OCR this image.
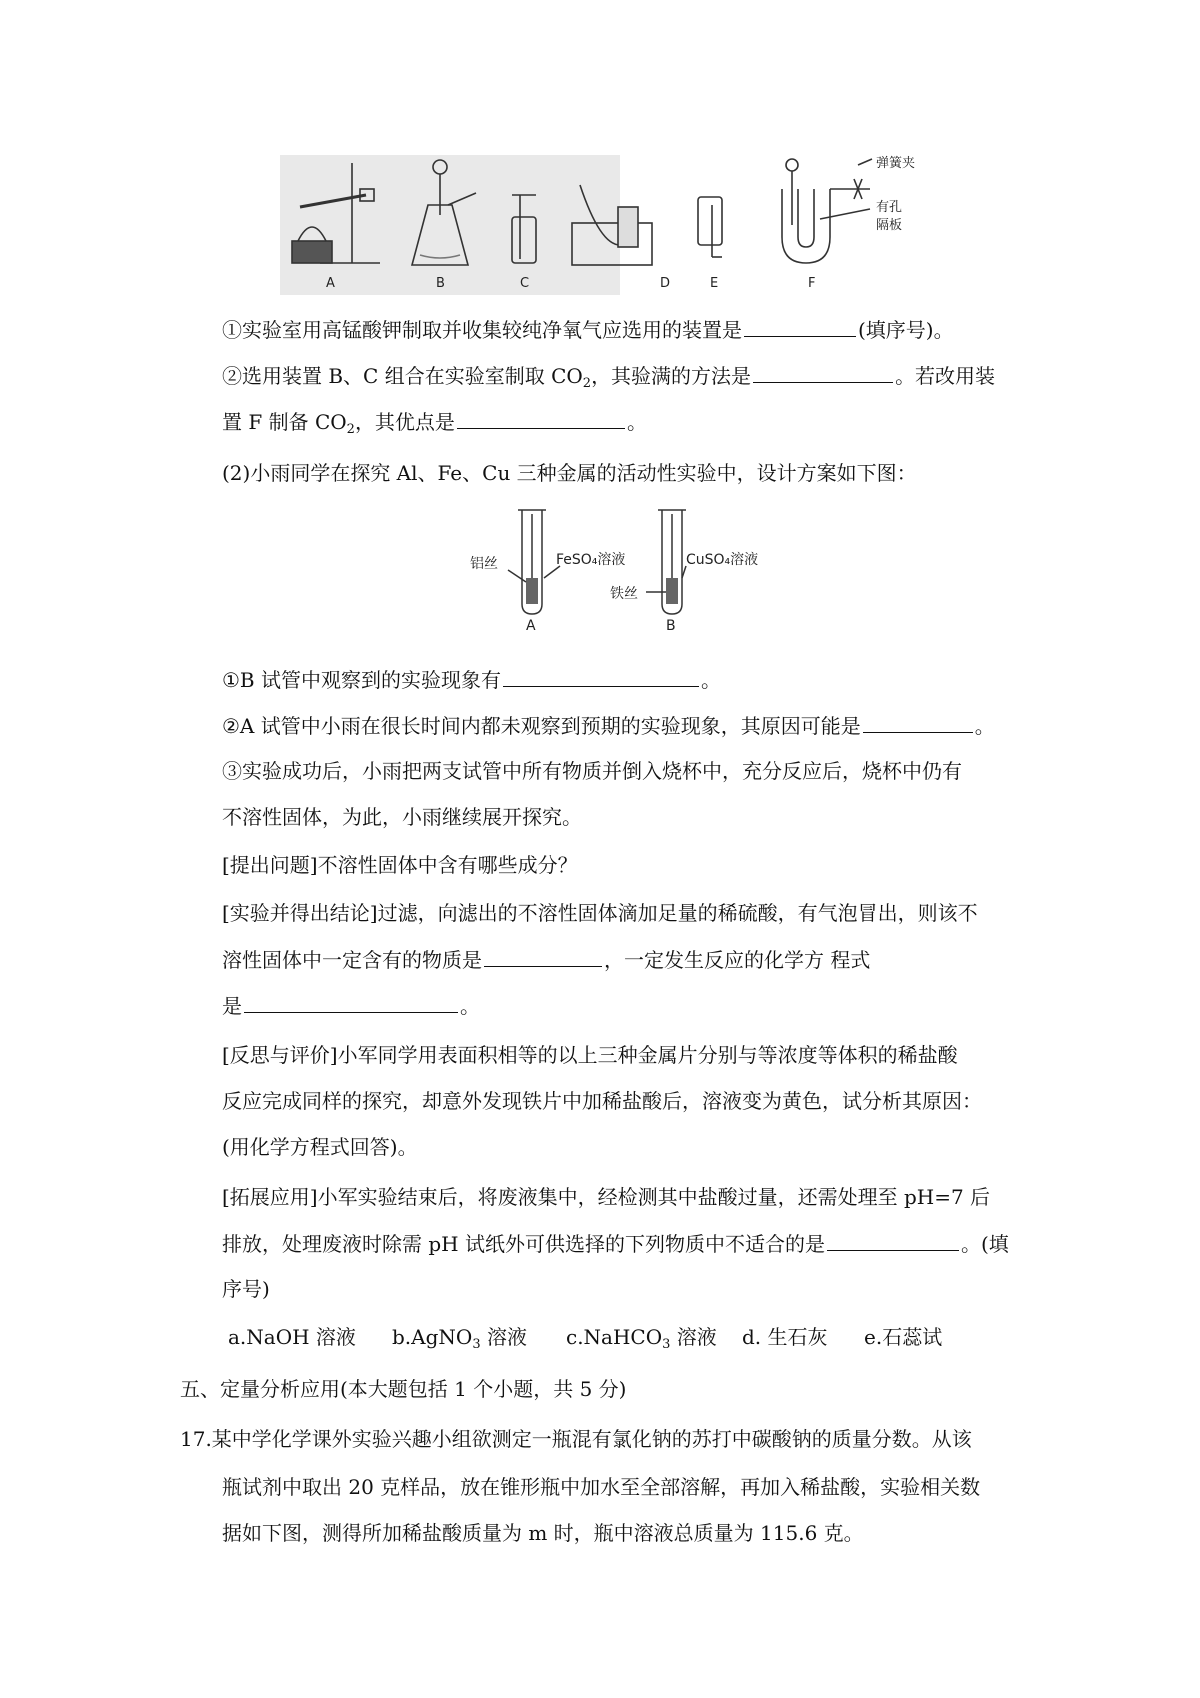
弹簧夹
有孔
隔板
A	B	C	D	E	F
①实验室用高锰酸钾制取并收集较纯净氧气应选用的装置是	(填序号)。
②选用装置 B、C 组合在实验室制取 $CO_2$，其验满的方法是	。若改用装
置 F 制备 $CO_2$，其优点是	。
(2)小雨同学在探究 Al、Fe、Cu 三种金属的活动性实验中，设计方案如下图：
铝丝	FeSO₄溶液
A
CuSO₄溶液
铁丝
B
①B 试管中观察到的实验现象有	。
②A 试管中小雨在很长时间内都未观察到预期的实验现象，其原因可能是	。
③实验成功后，小雨把两支试管中所有物质并倒入烧杯中，充分反应后，烧杯中仍有
不溶性固体，为此，小雨继续展开探究。
[提出问题]不溶性固体中含有哪些成分？
[实验并得出结论]过滤，向滤出的不溶性固体滴加足量的稀硫酸，有气泡冒出，则该不
溶性固体中一定含有的物质是	，一定发生反应的化学方 程式
是	。
[反思与评价]小军同学用表面积相等的以上三种金属片分别与等浓度等体积的稀盐酸
反应完成同样的探究，却意外发现铁片中加稀盐酸后，溶液变为黄色，试分析其原因：
(用化学方程式回答)。
[拓展应用]小军实验结束后，将废液集中，经检测其中盐酸过量，还需处理至 pH=7 后
排放，处理废液时除需 pH 试纸外可供选择的下列物质中不适合的是	。(填
序号)
a.NaOH 溶液 b.AgNO$_3$ 溶液 c.NaHCO$_3$ 溶液 d. 生石灰 e.石蕊试
五、定量分析应用(本大题包括 1 个小题，共 5 分)
17.某中学化学课外实验兴趣小组欲测定一瓶混有氯化钠的苏打中碳酸钠的质量分数。从该
瓶试剂中取出 20 克样品，放在锥形瓶中加水至全部溶解，再加入稀盐酸，实验相关数
据如下图，测得所加稀盐酸质量为 m 时，瓶中溶液总质量为 115.6 克。
